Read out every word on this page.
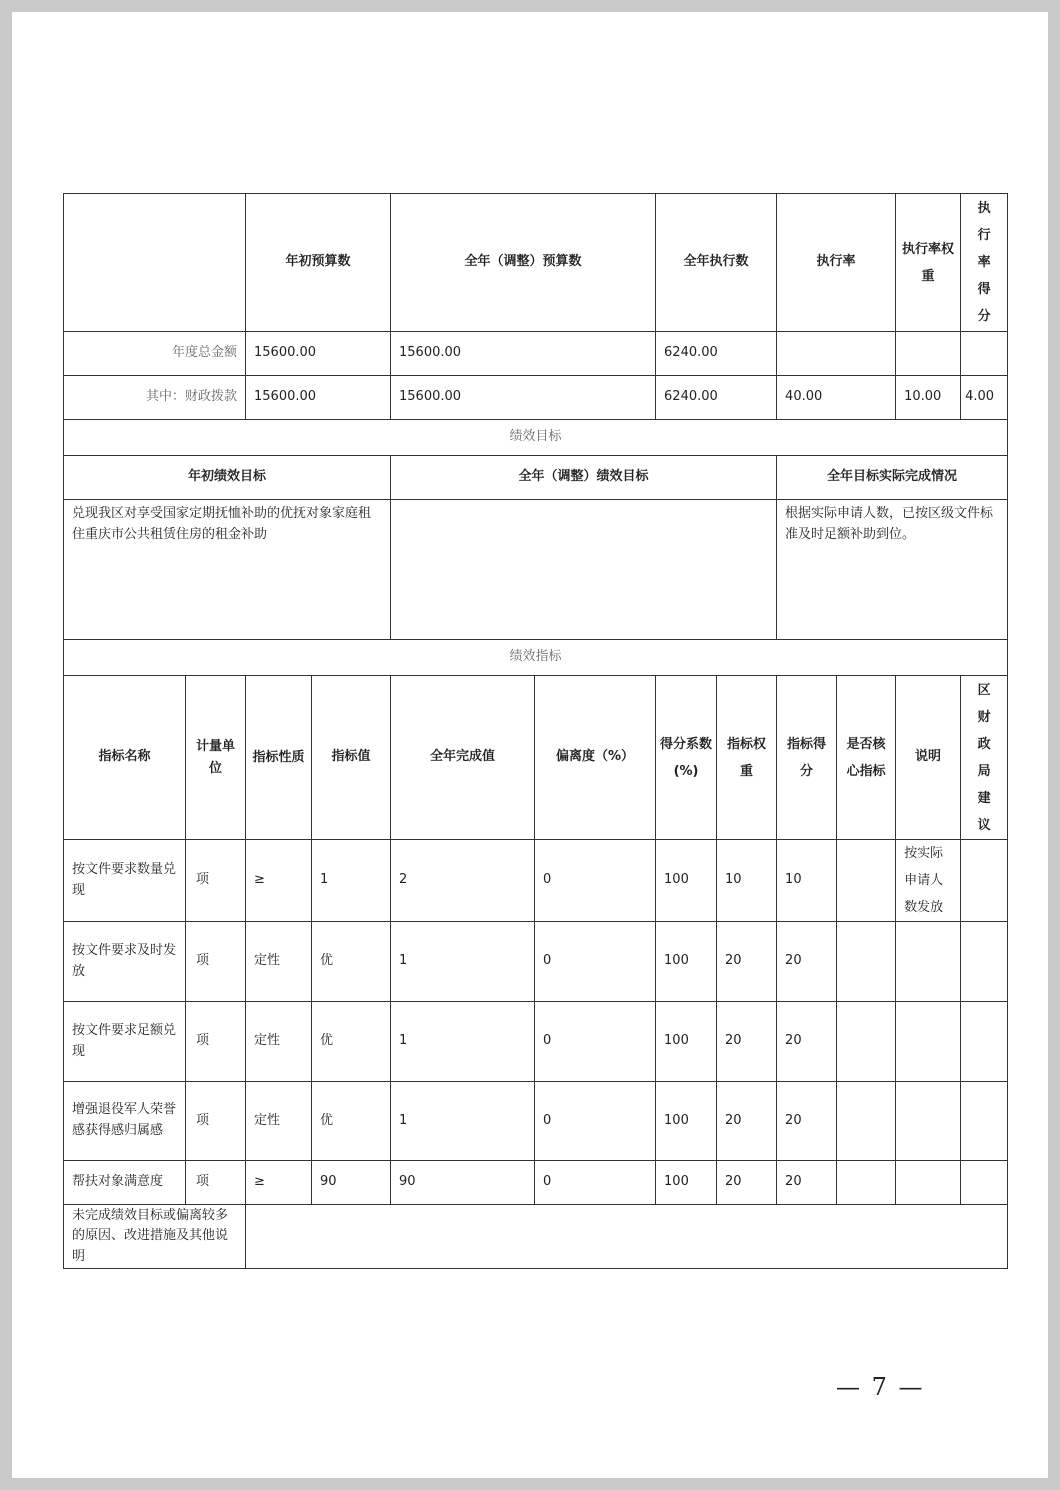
		年初预算数		全年（调整）预算数		全年执行数		执行率		执行率权重	执行率得分

年度总金额		15600.00		15600.00		6240.00					
其中：财政拨款		15600.00		15600.00		6240.00		40.00		10.00	4.00
绩效目标											
年初绩效目标				全年（调整）绩效目标				全年目标实际完成情况			
兑现我区对享受国家定期抚恤补助的优抚对象家庭租住重庆市公共租赁住房的租金补助								根据实际申请人数，已按区级文件标准及时足额补助到位。			
绩效指标											
指标名称	计量单位	指标性质	指标值	全年完成值	偏离度（%）	得分系数(%)	指标权重	指标得分	是否核心指标	说明	区财政局建议

按文件要求数量兑现	项	≥	1	2	0	100	10	10		按实际申请人数发放	
按文件要求及时发放	项	定性	优	1	0	100	20	20			
按文件要求足额兑现	项	定性	优	1	0	100	20	20			
增强退役军人荣誉感获得感归属感	项	定性	优	1	0	100	20	20			
帮扶对象满意度	项	≥	90	90	0	100	20	20			
未完成绩效目标或偏离较多的原因、改进措施及其他说明											
— 7 —
